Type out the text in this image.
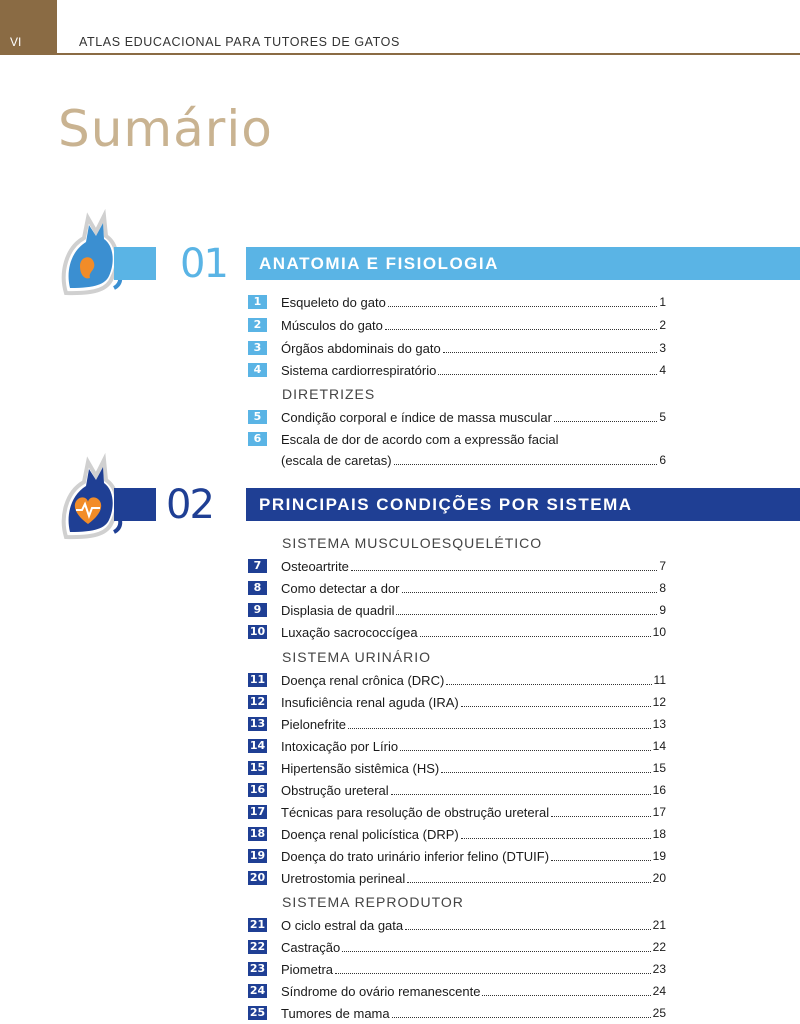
VI	ATLAS EDUCACIONAL PARA TUTORES DE GATOS
Sumário
01	ANATOMIA E FISIOLOGIA
1	Esqueleto do gato	1
2	Músculos do gato	2
3	Órgãos abdominais do gato	3
4	Sistema cardiorrespiratório	4
DIRETRIZES
5	Condição corporal e índice de massa muscular	5
6	Escala de dor de acordo com a expressão facial
(escala de caretas)	6
02	PRINCIPAIS CONDIÇÕES POR SISTEMA
SISTEMA MUSCULOESQUELÉTICO
7	Osteoartrite	7
8	Como detectar a dor	8
9	Displasia de quadril	9
10 Luxação sacrococcígea	10
SISTEMA URINÁRIO
11 Doença renal crônica (DRC)	11
12 Insuficiência renal aguda (IRA)	12
13 Pielonefrite	13
14 Intoxicação por Lírio	14
15 Hipertensão sistêmica (HS)	15
16 Obstrução ureteral	16
17 Técnicas para resolução de obstrução ureteral	17
18 Doença renal policística (DRP)	18
19 Doença do trato urinário inferior felino (DTUIF)	19
20 Uretrostomia perineal	20
SISTEMA REPRODUTOR
21 O ciclo estral da gata	21
22 Castração	22
23 Piometra	23
24 Síndrome do ovário remanescente	24
25 Tumores de mama	25
